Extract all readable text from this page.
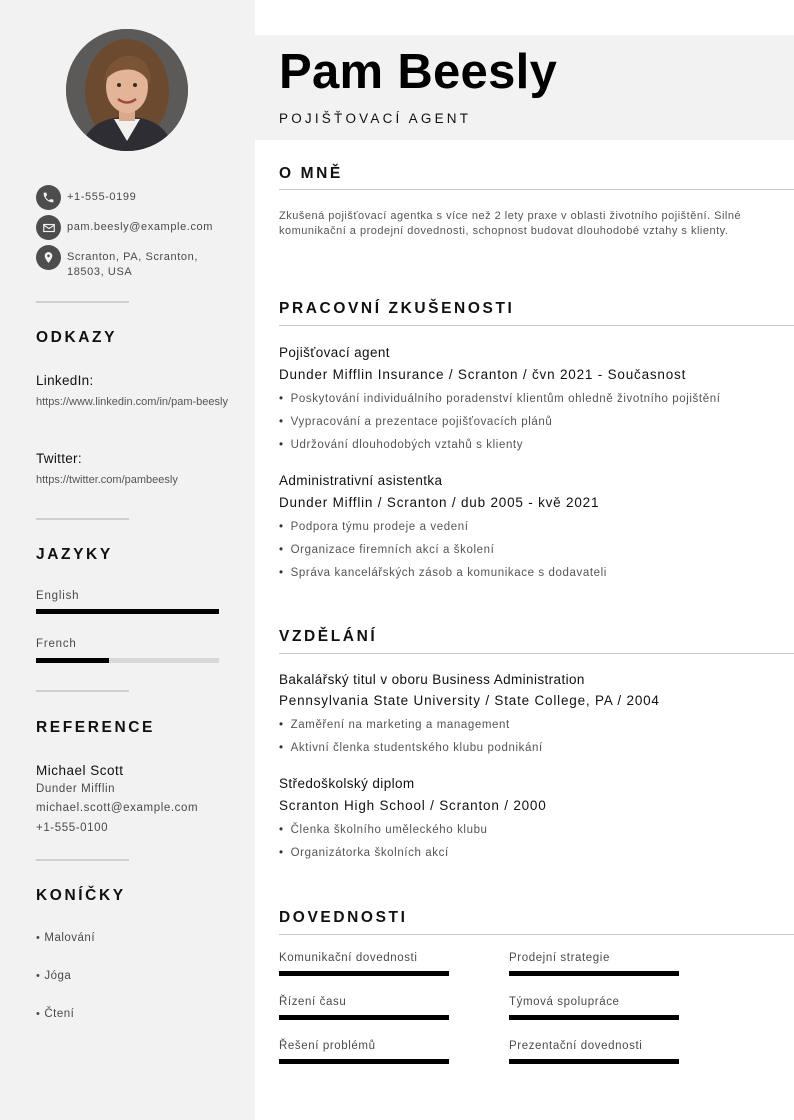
+1-555-0199
pam.beesly@example.com
Scranton, PA, Scranton,
18503, USA
ODKAZY
LinkedIn:
https://www.linkedin.com/in/pam-beesly
Twitter:
https://twitter.com/pambeesly
JAZYKY
English
French
REFERENCE
Michael Scott
Dunder Mifflin
michael.scott@example.com
+1-555-0100
KONÍČKY
• Malování
• Jóga
• Čtení
Pam Beesly
POJIŠŤOVACÍ AGENT
O MNĚ
Zkušená pojišťovací agentka s více než 2 lety praxe v oblasti životního pojištění. Silné komunikační a prodejní dovednosti, schopnost budovat dlouhodobé vztahy s klienty.
PRACOVNÍ ZKUŠENOSTI
Pojišťovací agent
Dunder Mifflin Insurance / Scranton / čvn 2021 - Současnost
• Poskytování individuálního poradenství klientům ohledně životního pojištění
• Vypracování a prezentace pojišťovacích plánů
• Udržování dlouhodobých vztahů s klienty
Administrativní asistentka
Dunder Mifflin / Scranton / dub 2005 - kvě 2021
• Podpora týmu prodeje a vedení
• Organizace firemních akcí a školení
• Správa kancelářských zásob a komunikace s dodavateli
VZDĚLÁNÍ
Bakalářský titul v oboru Business Administration
Pennsylvania State University / State College, PA / 2004
• Zaměření na marketing a management
• Aktivní členka studentského klubu podnikání
Středoškolský diplom
Scranton High School / Scranton / 2000
• Členka školního uměleckého klubu
• Organizátorka školních akcí
DOVEDNOSTI
Komunikační dovednosti	Prodejní strategie
Řízení času	Týmová spolupráce
Řešení problémů	Prezentační dovednosti
